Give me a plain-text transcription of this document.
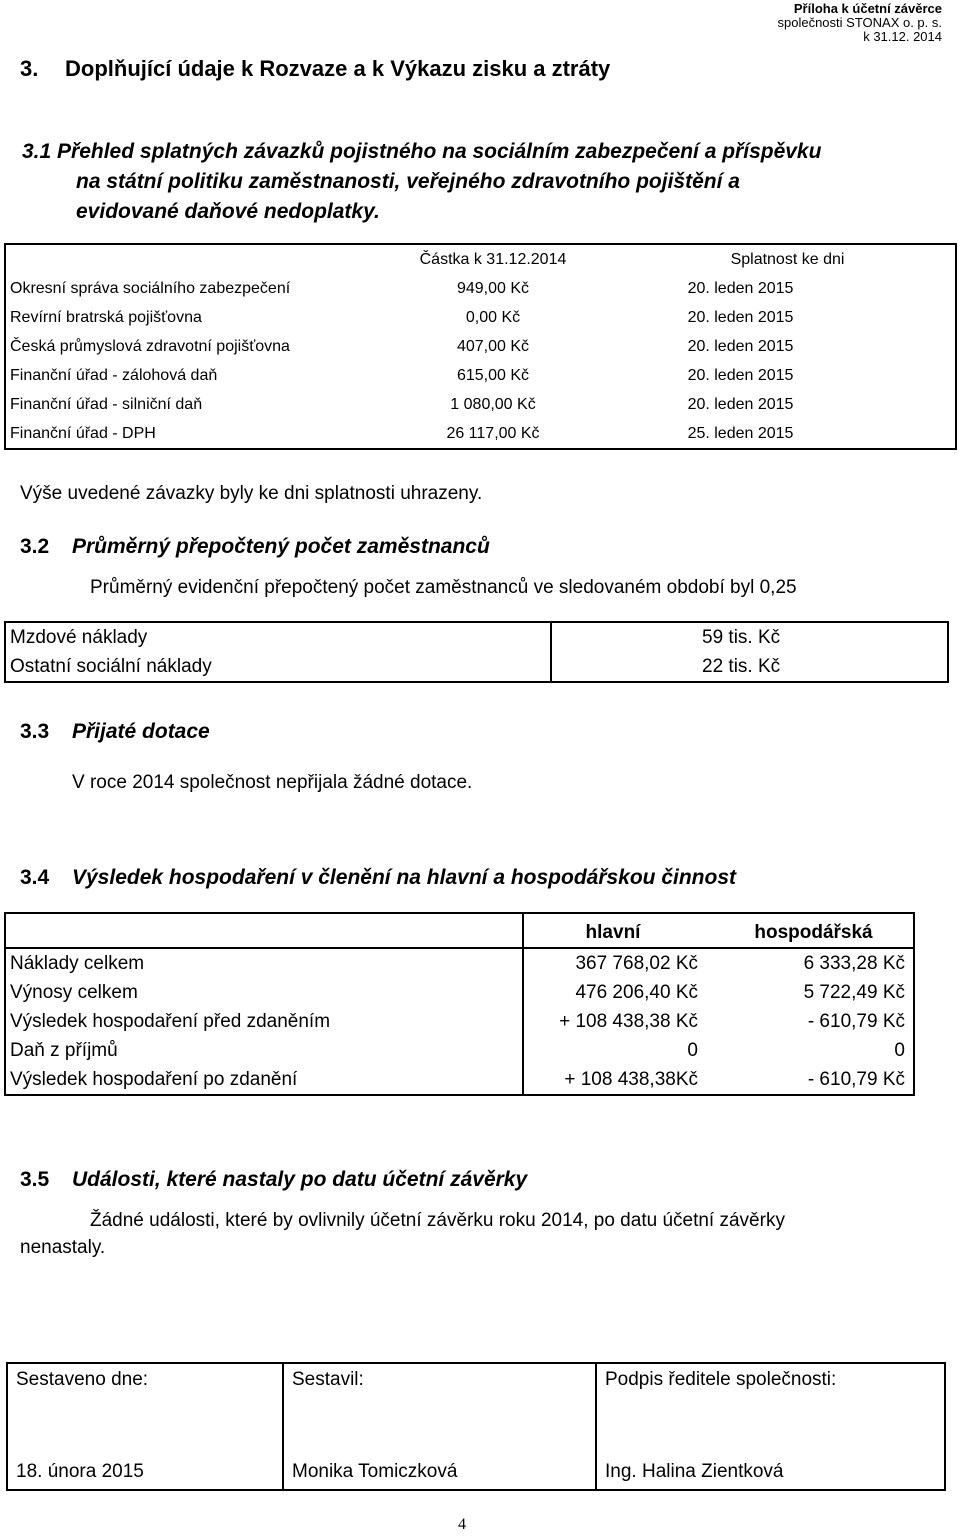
Příloha k účetní závěrce
společnosti STONAX o. p. s.
k 31.12. 2014
3. Doplňující údaje k Rozvaze a k Výkazu zisku a ztráty
3.1 Přehled splatných závazků pojistného na sociálním zabezpečení a příspěvku
na státní politiku zaměstnanosti, veřejného zdravotního pojištění a
evidované daňové nedoplatky.
	Částka k 31.12.2014	Splatnost ke dni
Okresní správa sociálního zabezpečení	949,00 Kč	20. leden 2015
Revírní bratrská pojišťovna	0,00 Kč	20. leden 2015
Česká průmyslová zdravotní pojišťovna	407,00 Kč	20. leden 2015
Finanční úřad - zálohová daň	615,00 Kč	20. leden 2015
Finanční úřad - silniční daň	1 080,00 Kč	20. leden 2015
Finanční úřad - DPH	26 117,00 Kč	25. leden 2015
Výše uvedené závazky byly ke dni splatnosti uhrazeny.
3.2 Průměrný přepočtený počet zaměstnanců
Průměrný evidenční přepočtený počet zaměstnanců ve sledovaném období byl 0,25
Mzdové náklady	59 tis. Kč
Ostatní sociální náklady	22 tis. Kč
3.3 Přijaté dotace
V roce 2014 společnost nepřijala žádné dotace.
3.4 Výsledek hospodaření v členění na hlavní a hospodářskou činnost
	hlavní	hospodářská
Náklady celkem	367 768,02 Kč	6 333,28 Kč
Výnosy celkem	476 206,40 Kč	5 722,49 Kč
Výsledek hospodaření před zdaněním	+ 108 438,38 Kč	- 610,79 Kč
Daň z příjmů	0	0
Výsledek hospodaření po zdanění	+ 108 438,38Kč	- 610,79 Kč
3.5 Události, které nastaly po datu účetní závěrky
Žádné události, které by ovlivnily účetní závěrku roku 2014, po datu účetní závěrky
nenastaly.
Sestaveno dne:	Sestavil:	Podpis ředitele společnosti:
18. února 2015	Monika Tomiczková	Ing. Halina Zientková
4
